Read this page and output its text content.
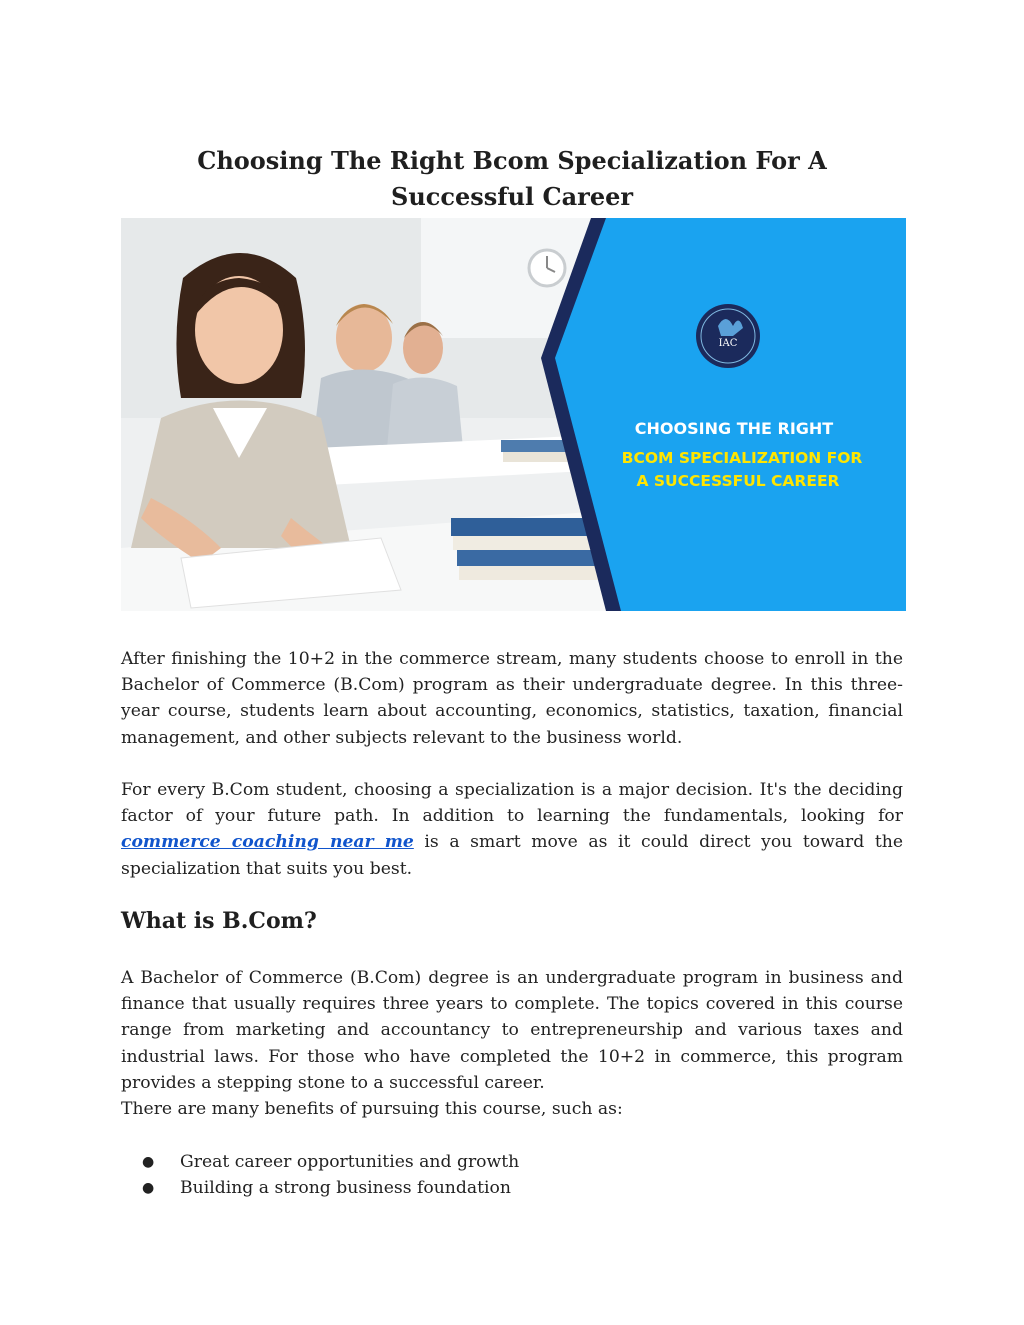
Choosing The Right Bcom Specialization For A
Successful Career
IAC
CHOOSING THE RIGHT
BCOM SPECIALIZATION FOR
A SUCCESSFUL CAREER

After finishing the 10+2 in the commerce stream, many students choose to enroll in the Bachelor of Commerce (B.Com) program as their undergraduate degree. In this three-year course, students learn about accounting, economics, statistics, taxation, financial management, and other subjects relevant to the business world.

For every B.Com student, choosing a specialization is a major decision. It's the deciding factor of your future path. In addition to learning the fundamentals, looking for commerce coaching near me is a smart move as it could direct you toward the specialization that suits you best.

What is B.Com?

A Bachelor of Commerce (B.Com) degree is an undergraduate program in business and finance that usually requires three years to complete. The topics covered in this course range from marketing and accountancy to entrepreneurship and various taxes and industrial laws. For those who have completed the 10+2 in commerce, this program provides a stepping stone to a successful career.

There are many benefits of pursuing this course, such as:

● Great career opportunities and growth
● Building a strong business foundation
